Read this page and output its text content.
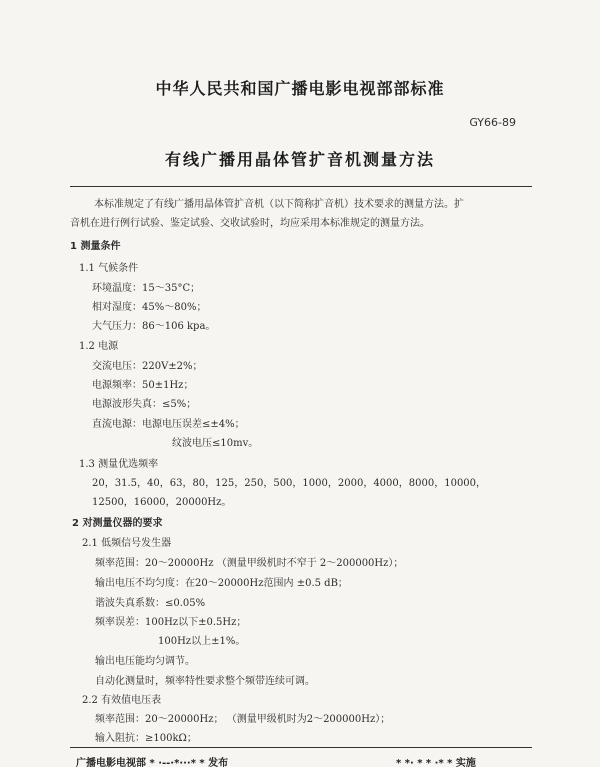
中华人民共和国广播电影电视部部标准
GY66-89
有线广播用晶体管扩音机测量方法
本标准规定了有线广播用晶体管扩音机（以下简称扩音机）技术要求的测量方法。扩
音机在进行例行试验、鉴定试验、交收试验时，均应采用本标准规定的测量方法。
1 测量条件
1.1 气候条件
环境温度：15～35°C；
相对湿度：45%～80%；
大气压力：86～106 kpa。
1.2 电源
交流电压：220V±2%；
电源频率：50±1Hz；
电源波形失真：≤5%；
直流电源：电源电压误差≤±4%；
纹波电压≤10mv。
1.3 测量优选频率
20，31.5，40，63，80，125，250，500，1000，2000，4000，8000，10000，
12500，16000，20000Hz。
2 对测量仪器的要求
2.1 低频信号发生器
频率范围：20～20000Hz （测量甲级机时不窄于 2～200000Hz）；
输出电压不均匀度：在20～20000Hz范围内 ±0.5 dB；
谐波失真系数：≤0.05%
频率误差：100Hz以下±0.5Hz；
100Hz以上±1%。
输出电压能均匀调节。
自动化测量时，频率特性要求整个频带连续可调。
2.2 有效值电压表
频率范围：20～20000Hz； （测量甲级机时为2～200000Hz）；
输入阻抗：≥100kΩ；
广播电影电视部 * ·--·*···* * 发布	* *· * * ·* * 实施
